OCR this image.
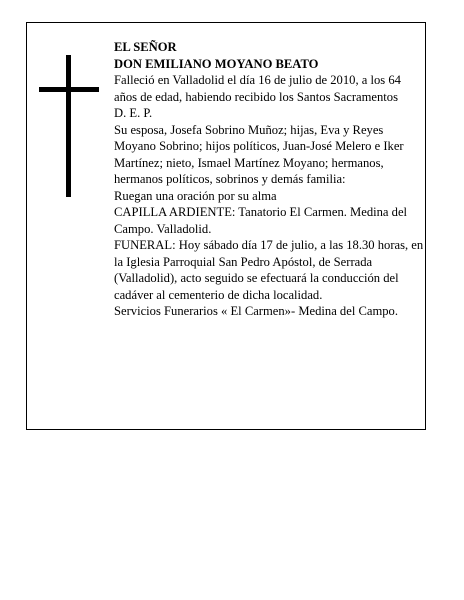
EL SEÑOR

DON EMILIANO MOYANO BEATO

Falleció en Valladolid el día 16 de julio de 2010, a los 64 años de edad, habiendo recibido los Santos Sacramentos

D. E. P.

Su esposa, Josefa Sobrino Muñoz; hijas, Eva y Reyes Moyano Sobrino; hijos políticos, Juan-José Melero e Iker Martínez; nieto, Ismael Martínez Moyano; hermanos, hermanos políticos, sobrinos y demás familia:

Ruegan una oración por su alma

CAPILLA ARDIENTE: Tanatorio El Carmen. Medina del Campo. Valladolid.

FUNERAL: Hoy sábado día 17 de julio, a las 18.30 horas, en la Iglesia Parroquial San Pedro Apóstol, de Serrada (Valladolid), acto seguido se efectuará la conducción del cadáver al cementerio de dicha localidad.

Servicios Funerarios « El Carmen»- Medina del Campo.
